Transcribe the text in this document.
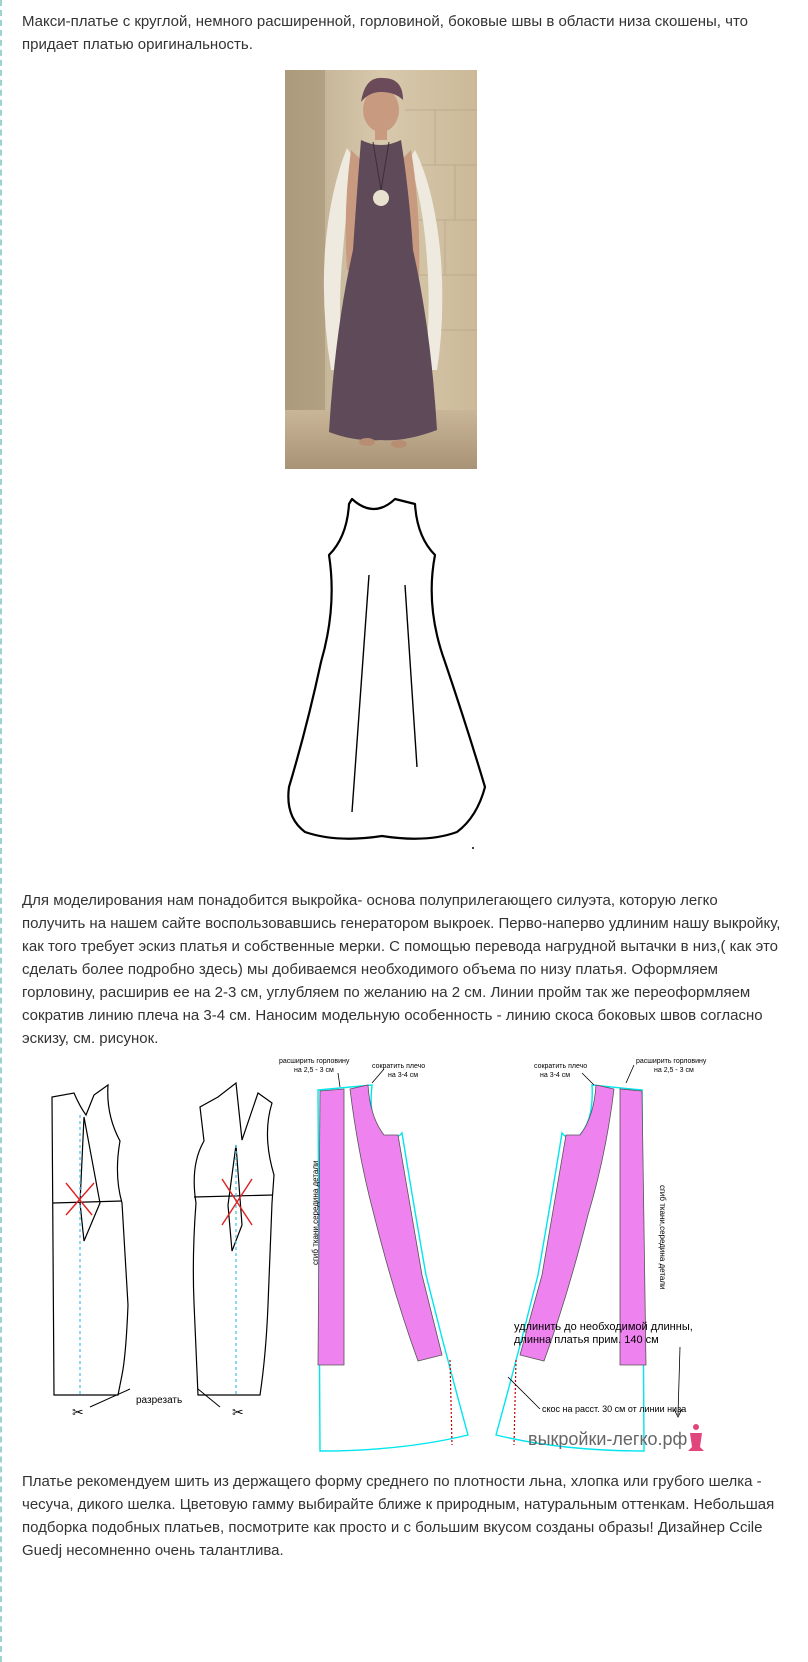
Макси-платье с круглой, немного расширенной, горловиной, боковые швы в области низа скошены, что придает платью оригинальность.

Для моделирования нам понадобится выкройка- основа полуприлегающего силуэта, которую легко получить на нашем сайте воспользовавшись генератором выкроек. Перво-наперво удлиним нашу выкройку, как того требует эскиз платья и собственные мерки. С помощью перевода нагрудной вытачки в низ,( как это сделать более подробно здесь) мы добиваемся необходимого объема по низу платья. Оформляем горловину, расширив ее на 2-3 см, углубляем по желанию на 2 см. Линии пройм так же переоформляем сократив линию плеча на 3-4 см. Наносим модельную особенность - линию скоса боковых швов согласно эскизу, см. рисунок.

✂	✂
разрезать
сгиб ткани,середина детали
расширить горловину
на 2,5 - 3 см
сократить плечо
на 3-4 см
сгиб ткани,середина детали
сократить плечо
на 3-4 см
расширить горловину
на 2,5 - 3 см
удлинить до необходимой длинны,
длинна платья прим. 140 см
скос на расст. 30 см от линии низа
выкройки-легко.рф

Платье рекомендуем шить из держащего форму среднего по плотности льна, хлопка или грубого шелка - чесуча, дикого шелка. Цветовую гамму выбирайте ближе к природным, натуральным оттенкам. Небольшая подборка подобных платьев, посмотрите как просто и с большим вкусом созданы образы! Дизайнер Ccile Guedj несомненно очень талантлива.
